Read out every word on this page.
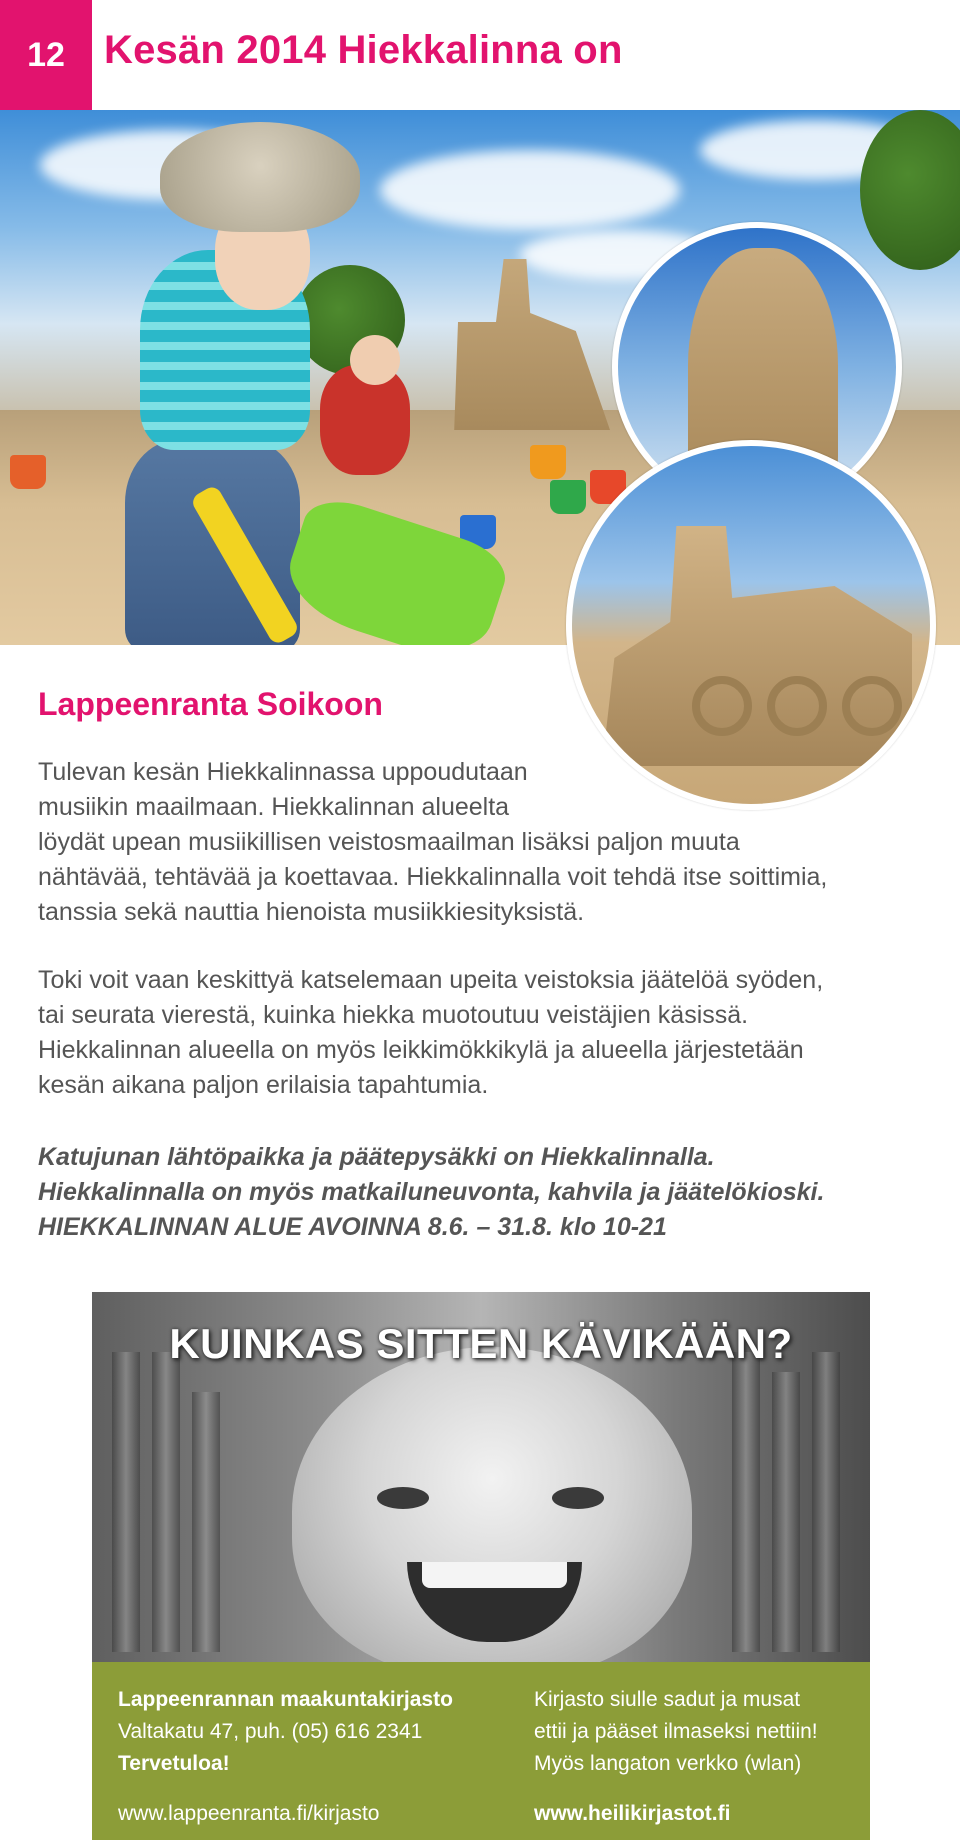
12 Kesän 2014 Hiekkalinna on
Lappeenranta Soikoon
Tulevan kesän Hiekkalinnassa uppoudutaan
musiikin maailmaan. Hiekkalinnan alueelta
löydät upean musiikillisen veistosmaailman lisäksi paljon muuta
nähtävää, tehtävää ja koettavaa. Hiekkalinnalla voit tehdä itse soittimia,
tanssia sekä nauttia hienoista musiikkiesityksistä.
Toki voit vaan keskittyä katselemaan upeita veistoksia jäätelöä syöden,
tai seurata vierestä, kuinka hiekka muotoutuu veistäjien käsissä.
Hiekkalinnan alueella on myös leikkimökkikylä ja alueella järjestetään
kesän aikana paljon erilaisia tapahtumia.
Katujunan lähtöpaikka ja päätepysäkki on Hiekkalinnalla.
Hiekkalinnalla on myös matkailuneuvonta, kahvila ja jäätelökioski.
HIEKKALINNAN ALUE AVOINNA 8.6. – 31.8. klo 10-21
KUINKAS SITTEN KÄVIKÄÄN?
Lappeenrannan maakuntakirjasto
Valtakatu 47, puh. (05) 616 2341
Tervetuloa!
www.lappeenranta.fi/kirjasto
Kirjasto siulle sadut ja musat
ettii ja pääset ilmaseksi nettiin!
Myös langaton verkko (wlan)
www.heilikirjastot.fi
